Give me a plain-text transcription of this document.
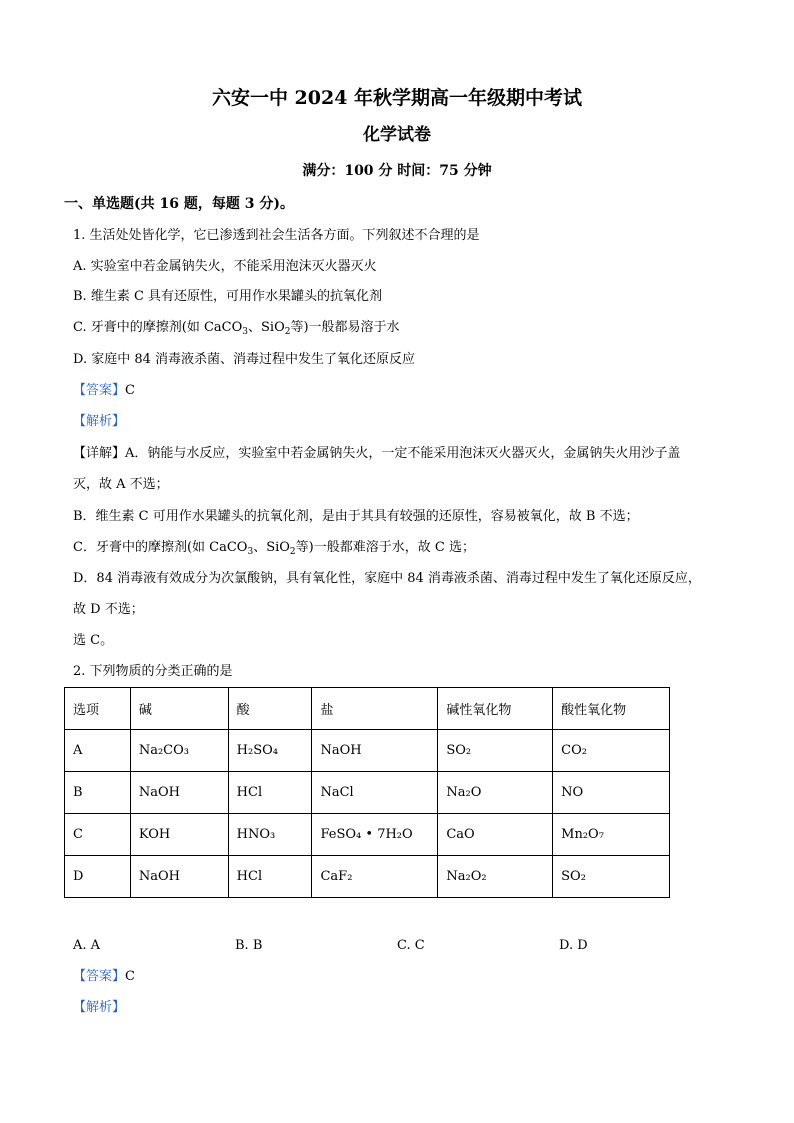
六安一中 2024 年秋学期高一年级期中考试
化学试卷
满分：100 分 时间：75 分钟
一、单选题(共 16 题，每题 3 分)。
1. 生活处处皆化学，它已渗透到社会生活各方面。下列叙述不合理的是
A. 实验室中若金属钠失火，不能采用泡沫灭火器灭火
B. 维生素 C 具有还原性，可用作水果罐头的抗氧化剂
C. 牙膏中的摩擦剂(如 CaCO$_3$、SiO$_2$等)一般都易溶于水
D. 家庭中 84 消毒液杀菌、消毒过程中发生了氧化还原反应
【答案】C
【解析】
【详解】A．钠能与水反应，实验室中若金属钠失火，一定不能采用泡沫灭火器灭火，金属钠失火用沙子盖
灭，故 A 不选；
B．维生素 C 可用作水果罐头的抗氧化剂，是由于其具有较强的还原性，容易被氧化，故 B 不选；
C．牙膏中的摩擦剂(如 CaCO$_3$、SiO$_2$等)一般都难溶于水，故 C 选；
D．84 消毒液有效成分为次氯酸钠，具有氧化性，家庭中 84 消毒液杀菌、消毒过程中发生了氧化还原反应，
故 D 不选；
选 C。
2. 下列物质的分类正确的是
选项	碱	酸	盐	碱性氧化物	酸性氧化物
A	Na₂CO₃	H₂SO₄	NaOH	SO₂	CO₂
B	NaOH	HCl	NaCl	Na₂O	NO
C	KOH	HNO₃	FeSO₄ • 7H₂O	CaO	Mn₂O₇
D	NaOH	HCl	CaF₂	Na₂O₂	SO₂
A. A	B. B	C. C	D. D
【答案】C
【解析】
